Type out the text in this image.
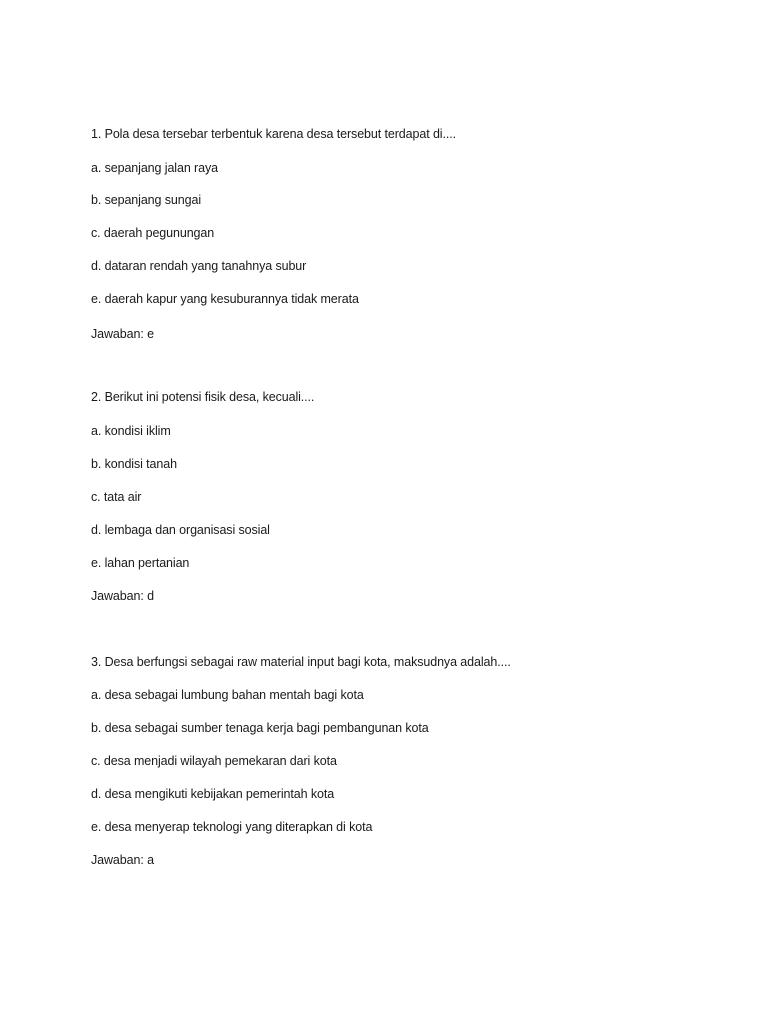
1. Pola desa tersebar terbentuk karena desa tersebut terdapat di....
a. sepanjang jalan raya
b. sepanjang sungai
c. daerah pegunungan
d. dataran rendah yang tanahnya subur
e. daerah kapur yang kesuburannya tidak merata
Jawaban: e
2. Berikut ini potensi fisik desa, kecuali....
a. kondisi iklim
b. kondisi tanah
c. tata air
d. lembaga dan organisasi sosial
e. lahan pertanian
Jawaban: d
3. Desa berfungsi sebagai raw material input bagi kota, maksudnya adalah....
a. desa sebagai lumbung bahan mentah bagi kota
b. desa sebagai sumber tenaga kerja bagi pembangunan kota
c. desa menjadi wilayah pemekaran dari kota
d. desa mengikuti kebijakan pemerintah kota
e. desa menyerap teknologi yang diterapkan di kota
Jawaban: a
